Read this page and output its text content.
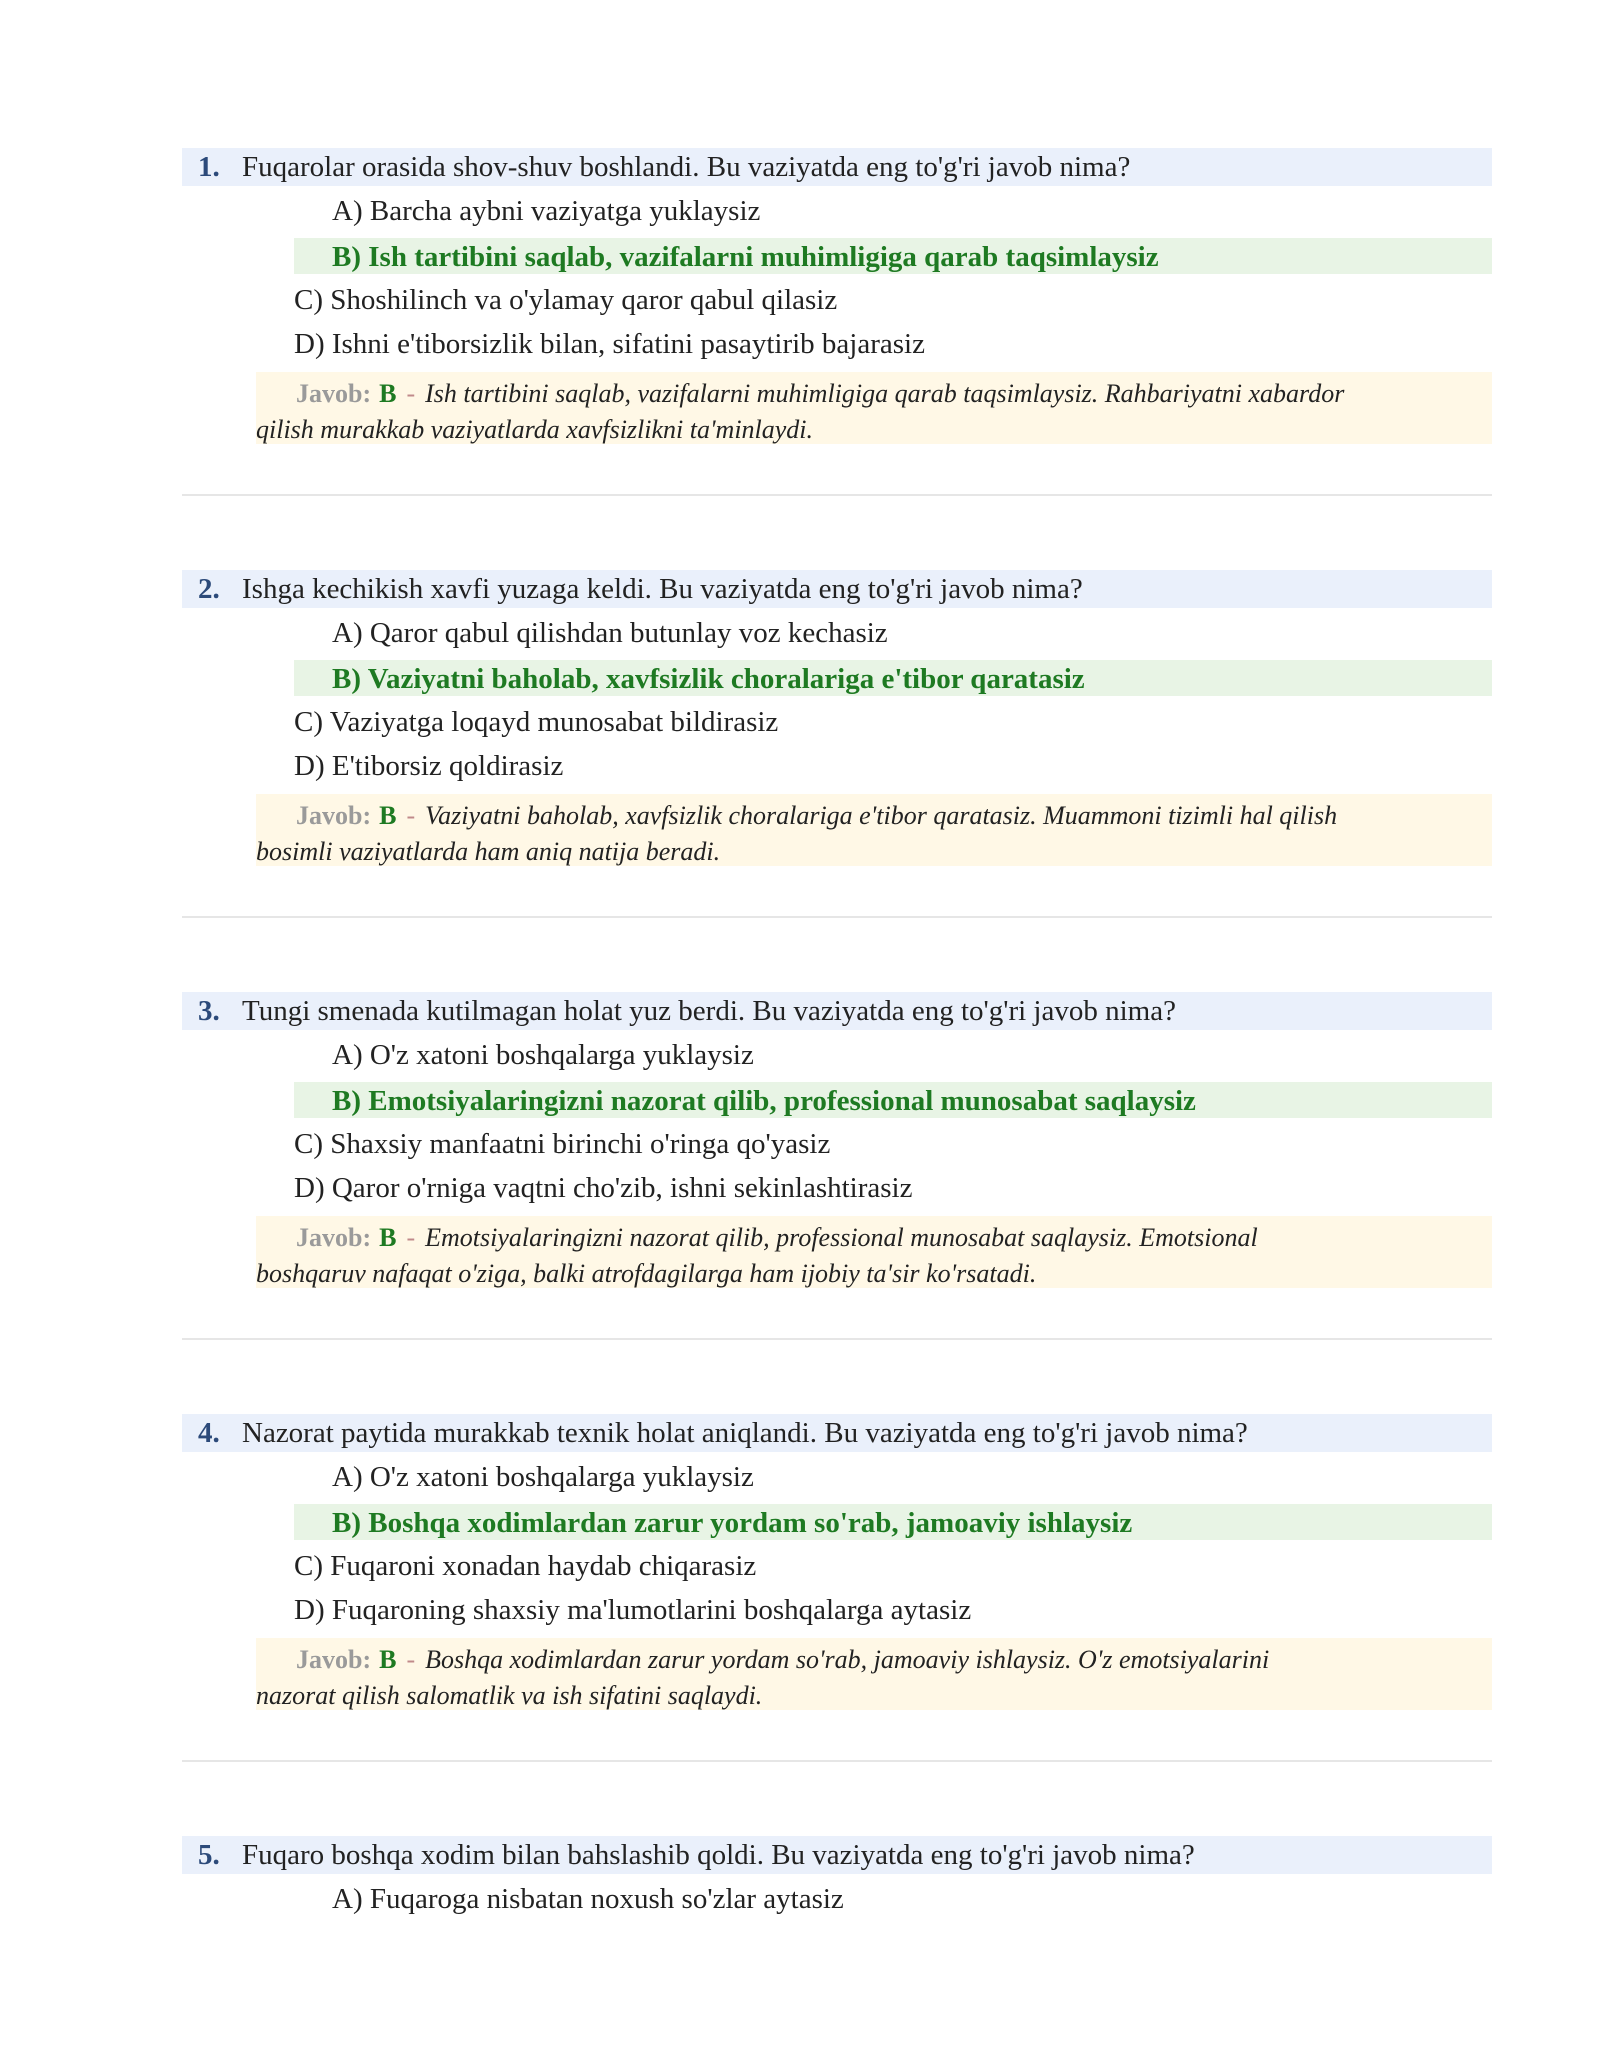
1. Fuqarolar orasida shov-shuv boshlandi. Bu vaziyatda eng to'g'ri javob nima?
A) Barcha aybni vaziyatga yuklaysiz
B) Ish tartibini saqlab, vazifalarni muhimligiga qarab taqsimlaysiz
C) Shoshilinch va o'ylamay qaror qabul qilasiz
D) Ishni e'tiborsizlik bilan, sifatini pasaytirib bajarasiz
Javob: B - Ish tartibini saqlab, vazifalarni muhimligiga qarab taqsimlaysiz. Rahbariyatni xabardor
qilish murakkab vaziyatlarda xavfsizlikni ta'minlaydi.
2. Ishga kechikish xavfi yuzaga keldi. Bu vaziyatda eng to'g'ri javob nima?
A) Qaror qabul qilishdan butunlay voz kechasiz
B) Vaziyatni baholab, xavfsizlik choralariga e'tibor qaratasiz
C) Vaziyatga loqayd munosabat bildirasiz
D) E'tiborsiz qoldirasiz
Javob: B - Vaziyatni baholab, xavfsizlik choralariga e'tibor qaratasiz. Muammoni tizimli hal qilish
bosimli vaziyatlarda ham aniq natija beradi.
3. Tungi smenada kutilmagan holat yuz berdi. Bu vaziyatda eng to'g'ri javob nima?
A) O'z xatoni boshqalarga yuklaysiz
B) Emotsiyalaringizni nazorat qilib, professional munosabat saqlaysiz
C) Shaxsiy manfaatni birinchi o'ringa qo'yasiz
D) Qaror o'rniga vaqtni cho'zib, ishni sekinlashtirasiz
Javob: B - Emotsiyalaringizni nazorat qilib, professional munosabat saqlaysiz. Emotsional
boshqaruv nafaqat o'ziga, balki atrofdagilarga ham ijobiy ta'sir ko'rsatadi.
4. Nazorat paytida murakkab texnik holat aniqlandi. Bu vaziyatda eng to'g'ri javob nima?
A) O'z xatoni boshqalarga yuklaysiz
B) Boshqa xodimlardan zarur yordam so'rab, jamoaviy ishlaysiz
C) Fuqaroni xonadan haydab chiqarasiz
D) Fuqaroning shaxsiy ma'lumotlarini boshqalarga aytasiz
Javob: B - Boshqa xodimlardan zarur yordam so'rab, jamoaviy ishlaysiz. O'z emotsiyalarini
nazorat qilish salomatlik va ish sifatini saqlaydi.
5. Fuqaro boshqa xodim bilan bahslashib qoldi. Bu vaziyatda eng to'g'ri javob nima?
A) Fuqaroga nisbatan noxush so'zlar aytasiz
